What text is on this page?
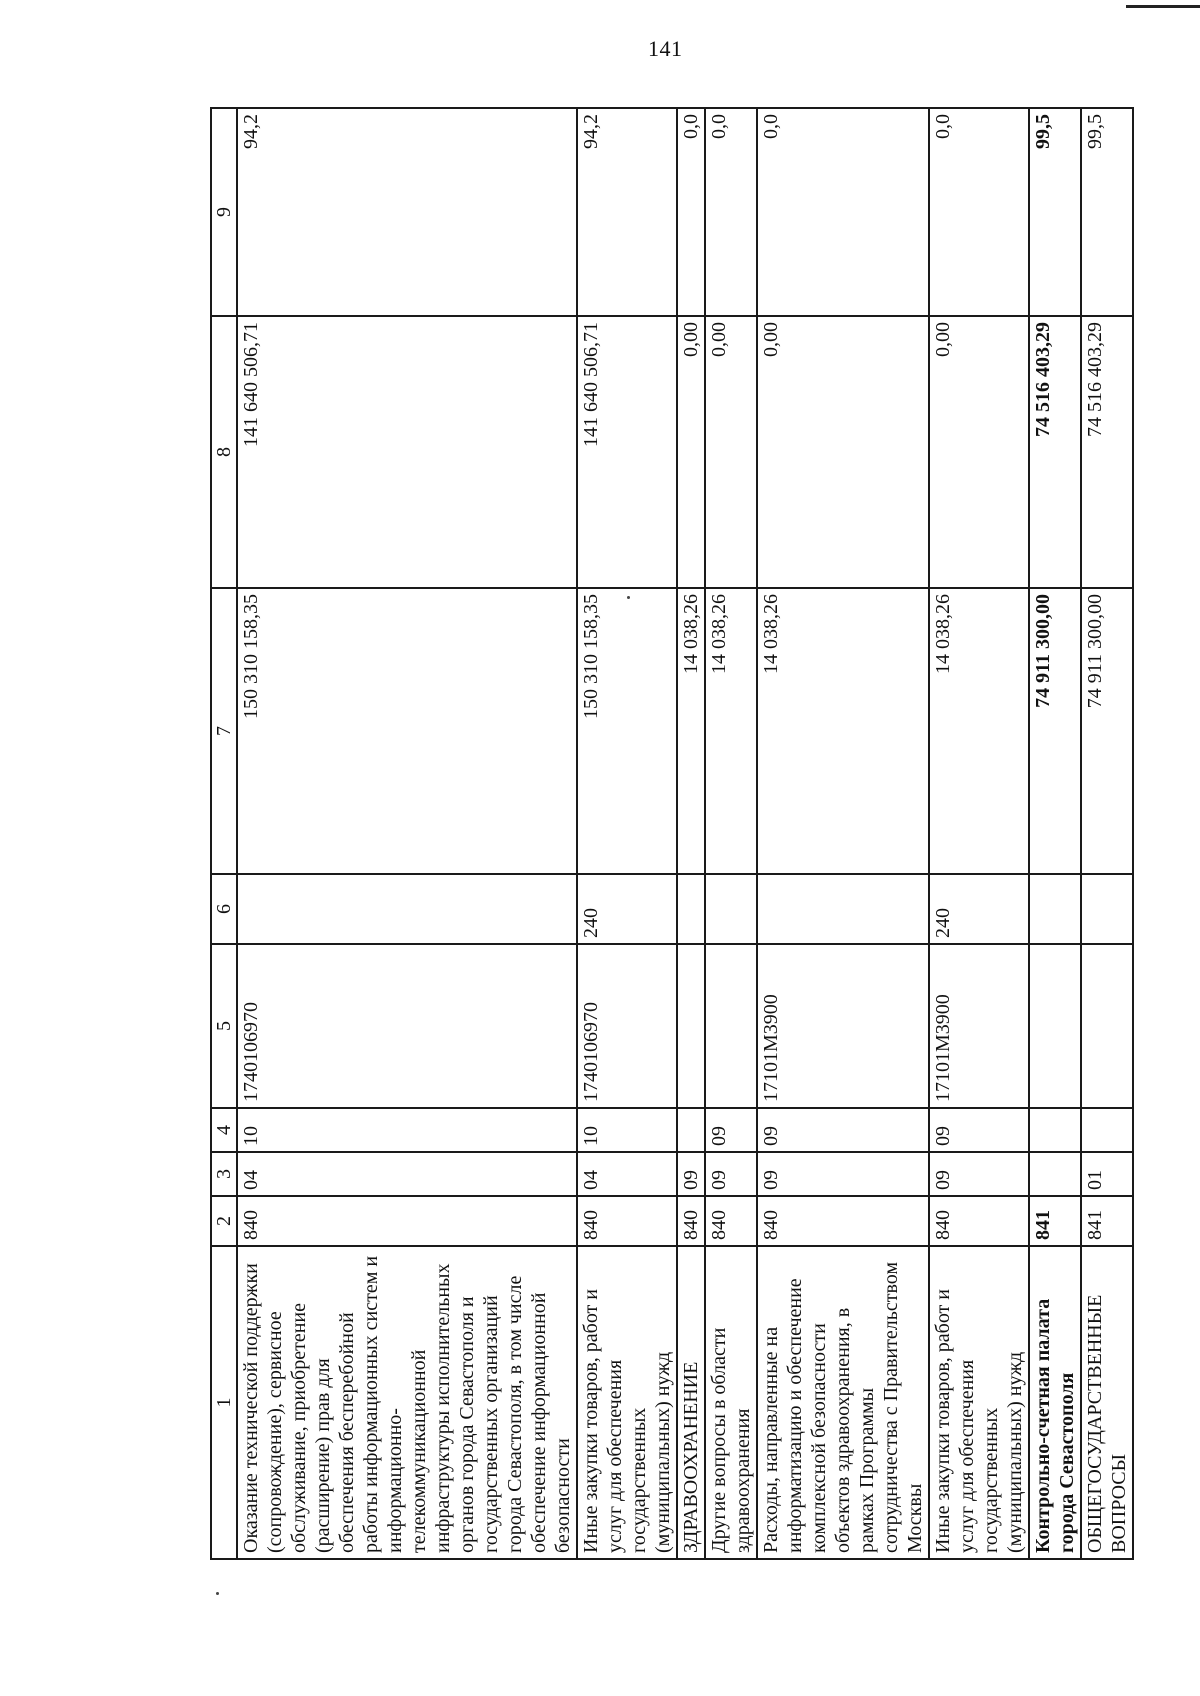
141
1	2	3	4	5	6	7	8	9
Оказание технической поддержки (сопровождение), сервисное обслуживание, приобретение (расширение) прав для обеспечения бесперебойной работы информационных систем и информационно-телекоммуникационной инфраструктуры исполнительных органов города Севастополя и государственных организаций города Севастополя, в том числе обеспечение информационной безопасности	840	04	10	1740106970		150 310 158,35	141 640 506,71	94,2
Иные закупки товаров, работ и услуг для обеспечения государственных (муниципальных) нужд	840	04	10	1740106970	240	150 310 158,35	141 640 506,71	94,2
ЗДРАВООХРАНЕНИЕ	840	09				14 038,26	0,00	0,0
Другие вопросы в области здравоохранения	840	09	09			14 038,26	0,00	0,0
Расходы, направленные на информатизацию и обеспечение комплексной безопасности объектов здравоохранения, в рамках Программы сотрудничества с Правительством Москвы	840	09	09	17101М3900		14 038,26	0,00	0,0
Иные закупки товаров, работ и услуг для обеспечения государственных (муниципальных) нужд	840	09	09	17101М3900	240	14 038,26	0,00	0,0
Контрольно-счетная палата города Севастополя	841					74 911 300,00	74 516 403,29	99,5
ОБЩЕГОСУДАРСТВЕННЫЕ ВОПРОСЫ	841	01				74 911 300,00	74 516 403,29	99,5
